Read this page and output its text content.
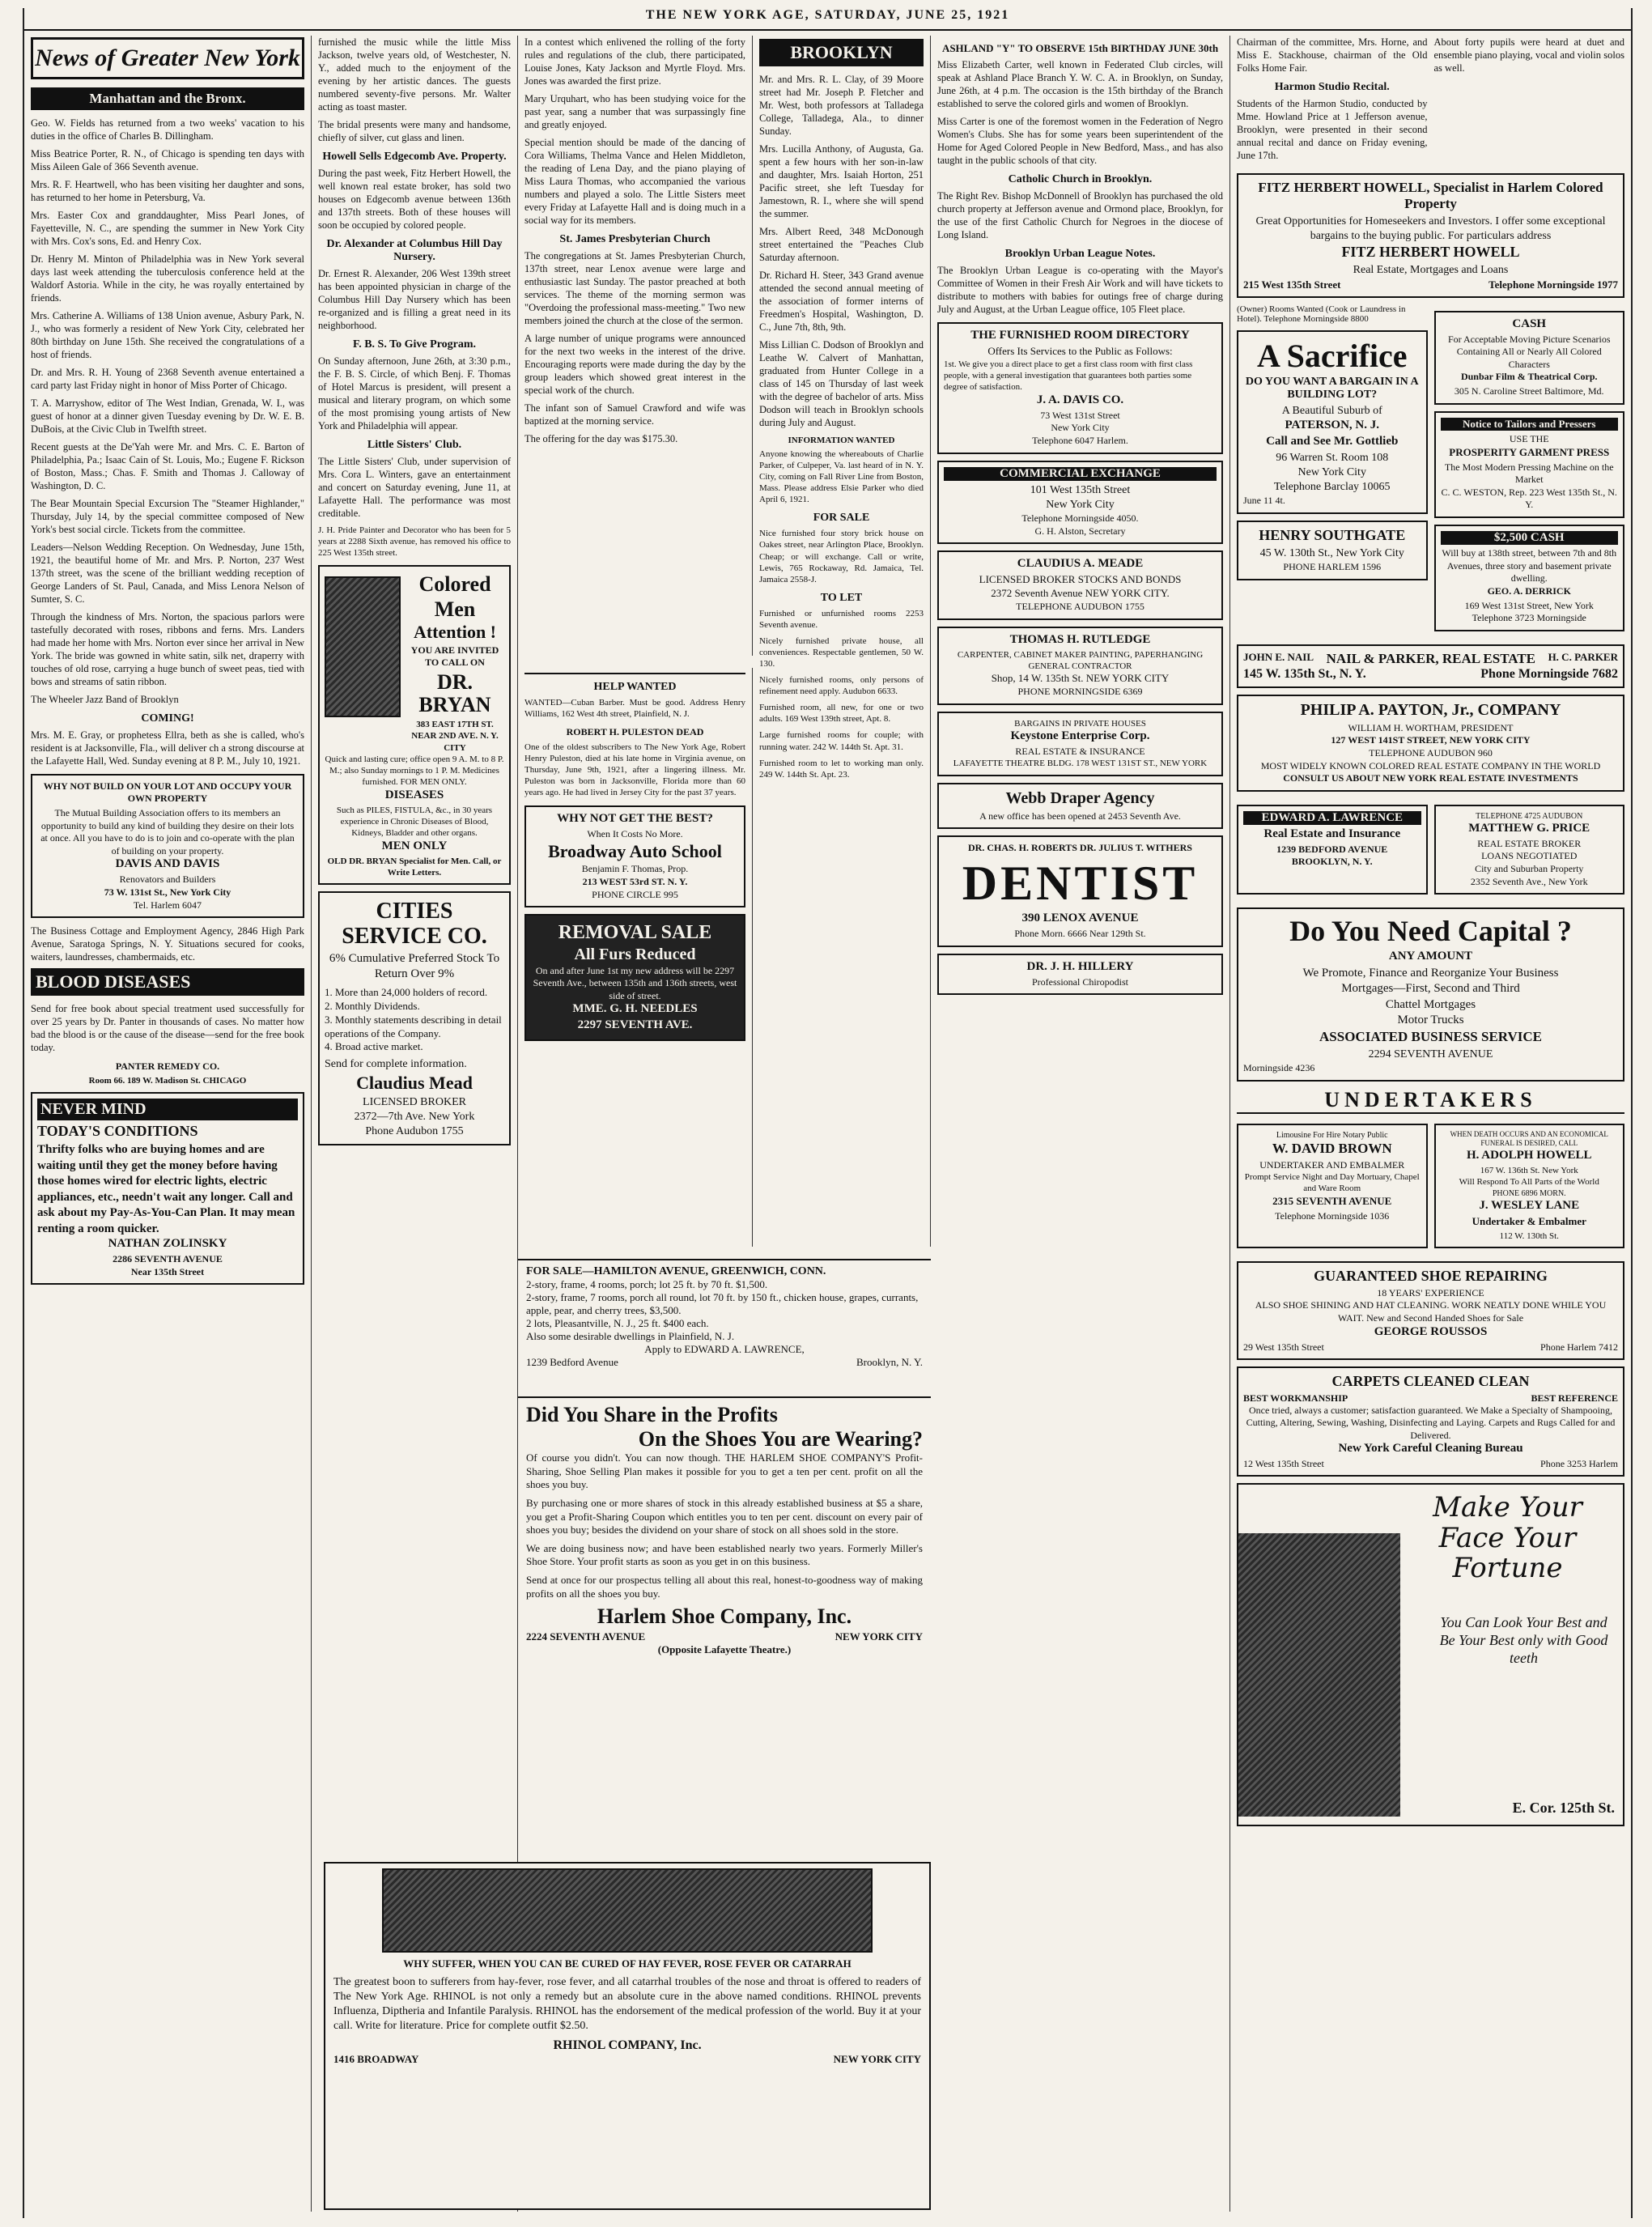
THE NEW YORK AGE, SATURDAY, JUNE 25, 1921
News of Greater New York
Manhattan and the Bronx.

Geo. W. Fields has returned from a two weeks' vacation to his duties in the office of Charles B. Dillingham.

Miss Beatrice Porter, R. N., of Chicago is spending ten days with Miss Aileen Gale of 366 Seventh avenue.

Mrs. R. F. Heartwell, who has been visiting her daughter and sons, has returned to her home in Petersburg, Va.

Mrs. Easter Cox and granddaughter, Miss Pearl Jones, of Fayetteville, N. C., are spending the summer in New York City with Mrs. Cox's sons, Ed. and Henry Cox.

Dr. Henry M. Minton of Philadelphia was in New York several days last week attending the tuberculosis conference held at the Waldorf Astoria. While in the city, he was royally entertained by friends.

Mrs. Catherine A. Williams of 138 Union avenue, Asbury Park, N. J., who was formerly a resident of New York City, celebrated her 80th birthday on June 15th. She received the congratulations of a host of friends.

Dr. and Mrs. R. H. Young of 2368 Seventh avenue entertained a card party last Friday night in honor of Miss Porter of Chicago.

T. A. Marryshow, editor of The West Indian, Grenada, W. I., was guest of honor at a dinner given Tuesday evening by Dr. W. E. B. DuBois, at the Civic Club in Twelfth street.

Recent guests at the De'Yah were Mr. and Mrs. C. E. Barton of Philadelphia, Pa.; Isaac Cain of St. Louis, Mo.; Eugene F. Rickson of Boston, Mass.; Chas. F. Smith and Thomas J. Calloway of Washington, D. C.

The Bear Mountain Special Excursion The "Steamer Highlander," Thursday, July 14, by the special committee composed of New York's best social circle. Tickets from the committee.

Leaders—Nelson Wedding Reception. On Wednesday, June 15th, 1921, the beautiful home of Mr. and Mrs. P. Norton, 237 West 137th street, was the scene of the brilliant wedding reception of George Landers of St. Paul, Canada, and Miss Lenora Nelson of Sumter, S. C.

Through the kindness of Mrs. Norton, the spacious parlors were tastefully decorated with roses, ribbons and ferns. Mrs. Landers had made her home with Mrs. Norton ever since her arrival in New York. The bride was gowned in white satin, silk net, draperry with touches of old rose, carrying a huge bunch of sweet peas, tied with bows and streams of satin ribbon.

The Wheeler Jazz Band of Brooklyn

COMING!

Mrs. M. E. Gray, or prophetess Ellra, beth as she is called, who's resident is at Jacksonville, Fla., will deliver ch a strong discourse at the Lafayette Hall, Wed. Sunday evening at 8 P. M., July 10, 1921.

WHY NOT BUILD ON YOUR LOT AND OCCUPY YOUR OWN PROPERTY
The Mutual Building Association offers to its members an opportunity to build any kind of building they desire on their lots at once. All you have to do is to join and co-operate with the plan of building on your property.
DAVIS AND DAVIS
Renovators and Builders
73 W. 131st St., New York City
Tel. Harlem 6047

The Business Cottage and Employment Agency, 2846 High Park Avenue, Saratoga Springs, N. Y. Situations secured for cooks, waiters, laundresses, chambermaids, etc.

BLOOD DISEASES

Send for free book about special treatment used successfully for over 25 years by Dr. Panter in thousands of cases. No matter how bad the blood is or the cause of the disease—send for the free book today.

PANTER REMEDY CO.
Room 66. 189 W. Madison St. CHICAGO
NEVER MIND
TODAY'S CONDITIONS
Thrifty folks who are buying homes and are waiting until they get the money before having those homes wired for electric lights, electric appliances, etc., needn't wait any longer. Call and ask about my Pay-As-You-Can Plan. It may mean renting a room quicker.
NATHAN ZOLINSKY
2286 SEVENTH AVENUE
Near 135th Street

furnished the music while the little Miss Jackson, twelve years old, of Westchester, N. Y., added much to the enjoyment of the evening by her artistic dances. The guests numbered seventy-five persons. Mr. Walter acting as toast master.

The bridal presents were many and handsome, chiefly of silver, cut glass and linen.

Howell Sells Edgecomb Ave. Property.

During the past week, Fitz Herbert Howell, the well known real estate broker, has sold two houses on Edgecomb avenue between 136th and 137th streets. Both of these houses will soon be occupied by colored people.

Dr. Alexander at Columbus Hill Day Nursery.

Dr. Ernest R. Alexander, 206 West 139th street has been appointed physician in charge of the Columbus Hill Day Nursery which has been re-organized and is filling a great need in its neighborhood.

F. B. S. To Give Program.

On Sunday afternoon, June 26th, at 3:30 p.m., the F. B. S. Circle, of which Benj. F. Thomas of Hotel Marcus is president, will present a musical and literary program, on which some of the most promising young artists of New York and Philadelphia will appear.

Little Sisters' Club.

The Little Sisters' Club, under supervision of Mrs. Cora L. Winters, gave an entertainment and concert on Saturday evening, June 11, at Lafayette Hall. The performance was most creditable.

J. H. Pride Painter and Decorator who has been for 5 years at 2288 Sixth avenue, has removed his office to 225 West 135th street.

Colored
Men
Attention !
YOU ARE INVITED TO CALL ON
DR. BRYAN
383 EAST 17TH ST. NEAR 2ND AVE. N. Y. CITY
Quick and lasting cure; office open 9 A. M. to 8 P. M.; also Sunday mornings to 1 P. M. Medicines furnished. FOR MEN ONLY.
DISEASES
Such as PILES, FISTULA, &c., in 30 years experience in Chronic Diseases of Blood, Kidneys, Bladder and other organs.
MEN ONLY
OLD DR. BRYAN Specialist for Men. Call, or Write Letters.
CITIES SERVICE CO.
6% Cumulative Preferred Stock To Return Over 9%
1. More than 24,000 holders of record.
2. Monthly Dividends.
3. Monthly statements describing in detail operations of the Company.
4. Broad active market.
Send for complete information.
Claudius Mead
LICENSED BROKER
2372—7th Ave. New York
Phone Audubon 1755

In a contest which enlivened the rolling of the forty rules and regulations of the club, there participated, Louise Jones, Katy Jackson and Myrtle Floyd. Mrs. Jones was awarded the first prize.

Mary Urquhart, who has been studying voice for the past year, sang a number that was surpassingly fine and greatly enjoyed.

Special mention should be made of the dancing of Cora Williams, Thelma Vance and Helen Middleton, the reading of Lena Day, and the piano playing of Miss Laura Thomas, who accompanied the various numbers and played a solo. The Little Sisters meet every Friday at Lafayette Hall and is doing much in a social way for its members.

St. James Presbyterian Church

The congregations at St. James Presbyterian Church, 137th street, near Lenox avenue were large and enthusiastic last Sunday. The pastor preached at both services. The theme of the morning sermon was "Overdoing the professional mass-meeting." Two new members joined the church at the close of the sermon.

A large number of unique programs were announced for the next two weeks in the interest of the drive. Encouraging reports were made during the day by the group leaders which showed great interest in the special work of the church.

The infant son of Samuel Crawford and wife was baptized at the morning service.

The offering for the day was $175.30.

HELP WANTED

WANTED—Cuban Barber. Must be good. Address Henry Williams, 162 West 4th street, Plainfield, N. J.

ROBERT H. PULESTON DEAD

One of the oldest subscribers to The New York Age, Robert Henry Puleston, died at his late home in Virginia avenue, on Thursday, June 9th, 1921, after a lingering illness. Mr. Puleston was born in Jacksonville, Florida more than 60 years ago. He had lived in Jersey City for the past 37 years.

WHY NOT GET THE BEST?
When It Costs No More.
Broadway Auto School
Benjamin F. Thomas, Prop.
213 WEST 53rd ST. N. Y.
PHONE CIRCLE 995
REMOVAL SALE
All Furs Reduced
On and after June 1st my new address will be 2297 Seventh Ave., between 135th and 136th streets, west side of street.
MME. G. H. NEEDLES
2297 SEVENTH AVE.
BROOKLYN

Mr. and Mrs. R. L. Clay, of 39 Moore street had Mr. Joseph P. Fletcher and Mr. West, both professors at Talladega College, Talladega, Ala., to dinner Sunday.

Mrs. Lucilla Anthony, of Augusta, Ga. spent a few hours with her son-in-law and daughter, Mrs. Isaiah Horton, 251 Pacific street, she left Tuesday for Jamestown, R. I., where she will spend the summer.

Mrs. Albert Reed, 348 McDonough street entertained the "Peaches Club Saturday afternoon.

Dr. Richard H. Steer, 343 Grand avenue attended the second annual meeting of the association of former interns of Freedmen's Hospital, Washington, D. C., June 7th, 8th, 9th.

Miss Lillian C. Dodson of Brooklyn and Leathe W. Calvert of Manhattan, graduated from Hunter College in a class of 145 on Thursday of last week with the degree of bachelor of arts. Miss Dodson will teach in Brooklyn schools during July and August.

INFORMATION WANTED

Anyone knowing the whereabouts of Charlie Parker, of Culpeper, Va. last heard of in N. Y. City, coming on Fall River Line from Boston, Mass. Please address Elsie Parker who died April 6, 1921.

FOR SALE

Nice furnished four story brick house on Oakes street, near Arlington Place, Brooklyn. Cheap; or will exchange. Call or write, Lewis, 765 Rockaway, Rd. Jamaica, Tel. Jamaica 2558-J.

TO LET

Furnished or unfurnished rooms 2253 Seventh avenue.

Nicely furnished private house, all conveniences. Respectable gentlemen, 50 W. 130.

Nicely furnished rooms, only persons of refinement need apply. Audubon 6633.

Furnished room, all new, for one or two adults. 169 West 139th street, Apt. 8.

Large furnished rooms for couple; with running water. 242 W. 144th St. Apt. 31.

Furnished room to let to working man only. 249 W. 144th St. Apt. 23.

FOR SALE—HAMILTON AVENUE, GREENWICH, CONN.
2-story, frame, 4 rooms, porch; lot 25 ft. by 70 ft. $1,500.
2-story, frame, 7 rooms, porch all round, lot 70 ft. by 150 ft., chicken house, grapes, currants, apple, pear, and cherry trees, $3,500.
2 lots, Pleasantville, N. J., 25 ft. $400 each.
Also some desirable dwellings in Plainfield, N. J.
Apply to EDWARD A. LAWRENCE,
1239 Bedford Avenue	Brooklyn, N. Y.
Did You Share in the Profits
On the Shoes You are Wearing?

Of course you didn't. You can now though. THE HARLEM SHOE COMPANY'S Profit-Sharing, Shoe Selling Plan makes it possible for you to get a ten per cent. profit on all the shoes you buy.

By purchasing one or more shares of stock in this already established business at $5 a share, you get a Profit-Sharing Coupon which entitles you to ten per cent. discount on every pair of shoes you buy; besides the dividend on your share of stock on all shoes sold in the store.

We are doing business now; and have been established nearly two years. Formerly Miller's Shoe Store. Your profit starts as soon as you get in on this business.

Send at once for our prospectus telling all about this real, honest-to-goodness way of making profits on all the shoes you buy.

Harlem Shoe Company, Inc.
2224 SEVENTH AVENUE	NEW YORK CITY
(Opposite Lafayette Theatre.)
WHY SUFFER, WHEN YOU CAN BE CURED OF HAY FEVER, ROSE FEVER OR CATARRAH

The greatest boon to sufferers from hay-fever, rose fever, and all catarrhal troubles of the nose and throat is offered to readers of The New York Age. RHINOL is not only a remedy but an absolute cure in the above named conditions. RHINOL prevents Influenza, Diptheria and Infantile Paralysis. RHINOL has the endorsement of the medical profession of the world. Buy it at your call. Write for literature. Price for complete outfit $2.50.

RHINOL COMPANY, Inc.
1416 BROADWAY	NEW YORK CITY
ASHLAND "Y" TO OBSERVE 15th BIRTHDAY JUNE 30th

Miss Elizabeth Carter, well known in Federated Club circles, will speak at Ashland Place Branch Y. W. C. A. in Brooklyn, on Sunday, June 26th, at 4 p.m. The occasion is the 15th birthday of the Branch established to serve the colored girls and women of Brooklyn.

Miss Carter is one of the foremost women in the Federation of Negro Women's Clubs. She has for some years been superintendent of the Home for Aged Colored People in New Bedford, Mass., and has also taught in the public schools of that city.

Catholic Church in Brooklyn.

The Right Rev. Bishop McDonnell of Brooklyn has purchased the old church property at Jefferson avenue and Ormond place, Brooklyn, for the use of the first Catholic Church for Negroes in the diocese of Long Island.

Brooklyn Urban League Notes.

The Brooklyn Urban League is co-operating with the Mayor's Committee of Women in their Fresh Air Work and will have tickets to distribute to mothers with babies for outings free of charge during July and August, at the Urban League office, 105 Fleet place.

THE FURNISHED ROOM DIRECTORY
Offers Its Services to the Public as Follows:
1st. We give you a direct place to get a first class room with first class people, with a general investigation that guarantees both parties some degree of satisfaction.
J. A. DAVIS CO.
73 West 131st Street
New York City
Telephone 6047 Harlem.
COMMERCIAL EXCHANGE
101 West 135th Street
New York City
Telephone Morningside 4050.
G. H. Alston, Secretary
CLAUDIUS A. MEADE
LICENSED BROKER STOCKS AND BONDS
2372 Seventh Avenue NEW YORK CITY.
TELEPHONE AUDUBON 1755
THOMAS H. RUTLEDGE
CARPENTER, CABINET MAKER PAINTING, PAPERHANGING GENERAL CONTRACTOR
Shop, 14 W. 135th St. NEW YORK CITY
PHONE MORNINGSIDE 6369
BARGAINS IN PRIVATE HOUSES
Keystone Enterprise Corp.
REAL ESTATE & INSURANCE
LAFAYETTE THEATRE BLDG. 178 WEST 131ST ST., NEW YORK
Webb Draper Agency
A new office has been opened at 2453 Seventh Ave.
DR. CHAS. H. ROBERTS DR. JULIUS T. WITHERS
DENTIST
390 LENOX AVENUE
Phone Morn. 6666 Near 129th St.
DR. J. H. HILLERY
Professional Chiropodist

Chairman of the committee, Mrs. Horne, and Miss E. Stackhouse, chairman of the Old Folks Home Fair.

Harmon Studio Recital.

Students of the Harmon Studio, conducted by Mme. Howland Price at 1 Jefferson avenue, Brooklyn, were presented in their second annual recital and dance on Friday evening, June 17th.

About forty pupils were heard at duet and ensemble piano playing, vocal and violin solos as well.

FITZ HERBERT HOWELL, Specialist in Harlem Colored Property
Great Opportunities for Homeseekers and Investors. I offer some exceptional bargains to the buying public. For particulars address
FITZ HERBERT HOWELL
Real Estate, Mortgages and Loans
215 West 135th Street	Telephone Morningside 1977
(Owner) Rooms Wanted (Cook or Laundress in Hotel). Telephone Morningside 8800
A Sacrifice
DO YOU WANT A BARGAIN IN A BUILDING LOT?
A Beautiful Suburb of
PATERSON, N. J.
Call and See Mr. Gottlieb
96 Warren St. Room 108
New York City
Telephone Barclay 10065
June 11 4t.
HENRY SOUTHGATE
45 W. 130th St., New York City
PHONE HARLEM 1596
CASH
For Acceptable Moving Picture Scenarios Containing All or Nearly All Colored Characters
Dunbar Film & Theatrical Corp.
305 N. Caroline Street Baltimore, Md.
Notice to Tailors and Pressers
USE THE
PROSPERITY GARMENT PRESS
The Most Modern Pressing Machine on the Market
C. C. WESTON, Rep. 223 West 135th St., N. Y.
$2,500 CASH
Will buy at 138th street, between 7th and 8th Avenues, three story and basement private dwelling.
GEO. A. DERRICK
169 West 131st Street, New York
Telephone 3723 Morningside
JOHN E. NAIL NAIL & PARKER, REAL ESTATE H. C. PARKER
145 W. 135th St., N. Y.	Phone Morningside 7682
PHILIP A. PAYTON, Jr., COMPANY
WILLIAM H. WORTHAM, PRESIDENT
127 WEST 141ST STREET, NEW YORK CITY
TELEPHONE AUDUBON 960
MOST WIDELY KNOWN COLORED REAL ESTATE COMPANY IN THE WORLD
CONSULT US ABOUT NEW YORK REAL ESTATE INVESTMENTS
EDWARD A. LAWRENCE
Real Estate and Insurance
1239 BEDFORD AVENUE
BROOKLYN, N. Y.
TELEPHONE 4725 AUDUBON
MATTHEW G. PRICE
REAL ESTATE BROKER
LOANS NEGOTIATED
City and Suburban Property
2352 Seventh Ave., New York
Do You Need Capital ?
ANY AMOUNT
We Promote, Finance and Reorganize Your Business
Mortgages—First, Second and Third
Chattel Mortgages
Motor Trucks
ASSOCIATED BUSINESS SERVICE
2294 SEVENTH AVENUE
Morningside 4236
UNDERTAKERS
Limousine For Hire Notary Public
W. DAVID BROWN
UNDERTAKER AND EMBALMER
Prompt Service Night and Day Mortuary, Chapel and Ware Room
2315 SEVENTH AVENUE
Telephone Morningside 1036
WHEN DEATH OCCURS AND AN ECONOMICAL FUNERAL IS DESIRED, CALL
H. ADOLPH HOWELL
167 W. 136th St. New York
Will Respond To All Parts of the World
PHONE 6896 MORN.
J. WESLEY LANE
Undertaker & Embalmer
112 W. 130th St.
GUARANTEED SHOE REPAIRING
18 YEARS' EXPERIENCE
ALSO SHOE SHINING AND HAT CLEANING. WORK NEATLY DONE WHILE YOU WAIT. New and Second Handed Shoes for Sale
GEORGE ROUSSOS
29 West 135th Street	Phone Harlem 7412
CARPETS CLEANED CLEAN
BEST WORKMANSHIP	BEST REFERENCE
Once tried, always a customer; satisfaction guaranteed. We Make a Specialty of Shampooing, Cutting, Altering, Sewing, Washing, Disinfecting and Laying. Carpets and Rugs Called for and Delivered.
New York Careful Cleaning Bureau
12 West 135th Street	Phone 3253 Harlem
Make Your Face Your Fortune
You Can Look Your Best and Be Your Best only with Good teeth
E. Cor. 125th St.
